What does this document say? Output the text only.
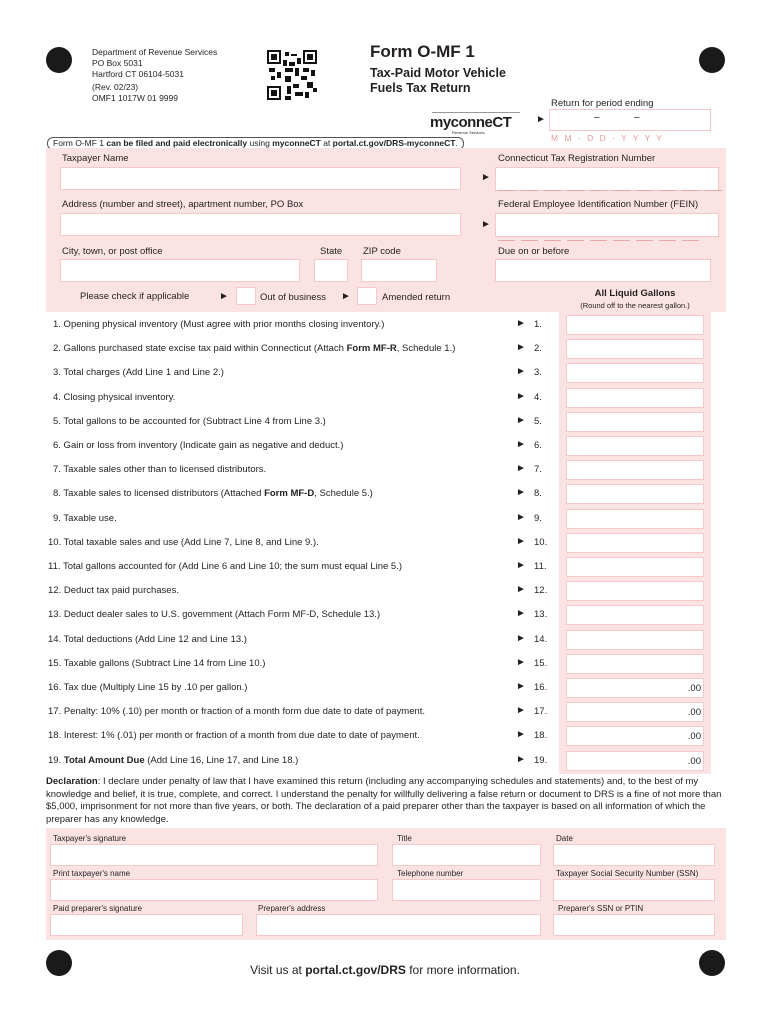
Department of Revenue Services
PO Box 5031
Hartford CT 06104-5031
(Rev. 02/23)
OMF1 1017W 01 9999
Form O-MF 1
Tax-Paid Motor Vehicle
Fuels Tax Return
myconneCT
Revenue Services
Return for period ending
►	–	–
M M - D D - Y Y Y Y
Form O-MF 1 can be filed and paid electronically using myconneCT at portal.ct.gov/DRS-myconneCT.
Taxpayer Name
►
Connecticut Tax Registration Number
Address (number and street), apartment number, PO Box
►
Federal Employee Identification Number (FEIN)
City, town, or post office	State ZIP code	Due on or before
Please check if applicable	►	Out of business ►	Amended return	All Liquid Gallons
(Round off to the nearest gallon.)
1. Opening physical inventory (Must agree with prior months closing inventory.)	► 1.
2. Gallons purchased state excise tax paid within Connecticut (Attach Form MF-R, Schedule 1.)	► 2.
3. Total charges (Add Line 1 and Line 2.)	► 3.
4. Closing physical inventory.	► 4.
5. Total gallons to be accounted for (Subtract Line 4 from Line 3.)	► 5.
6. Gain or loss from inventory (Indicate gain as negative and deduct.)	► 6.
7. Taxable sales other than to licensed distributors.	► 7.
8. Taxable sales to licensed distributors (Attached Form MF-D, Schedule 5.)	► 8.
9. Taxable use.	► 9.
10. Total taxable sales and use (Add Line 7, Line 8, and Line 9.).	► 10.
11. Total gallons accounted for (Add Line 6 and Line 10; the sum must equal Line 5.)	► 11.
12. Deduct tax paid purchases.	► 12.
13. Deduct dealer sales to U.S. government (Attach Form MF-D, Schedule 13.)	► 13.
14. Total deductions (Add Line 12 and Line 13.)	► 14.
15. Taxable gallons (Subtract Line 14 from Line 10.)	► 15.
16. Tax due (Multiply Line 15 by .10 per gallon.)	► 16.	.00
17. Penalty: 10% (.10) per month or fraction of a month form due date to date of payment.	► 17.	.00
18. Interest: 1% (.01) per month or fraction of a month from due date to date of payment.	► 18.	.00
19. Total Amount Due (Add Line 16, Line 17, and Line 18.)	► 19.	.00
Declaration: I declare under penalty of law that I have examined this return (including any accompanying schedules and statements) and, to the best of my knowledge and belief, it is true, complete, and correct. I understand the penalty for willfully delivering a false return or document to DRS is a fine of not more than $5,000, imprisonment for not more than five years, or both. The declaration of a paid preparer other than the taxpayer is based on all information of which the preparer has any knowledge.
Taxpayer's signature	Title	Date
Print taxpayer's name	Telephone number	Taxpayer Social Security Number (SSN)
Paid preparer's signature	Preparer's address	Preparer's SSN or PTIN
Visit us at portal.ct.gov/DRS for more information.
